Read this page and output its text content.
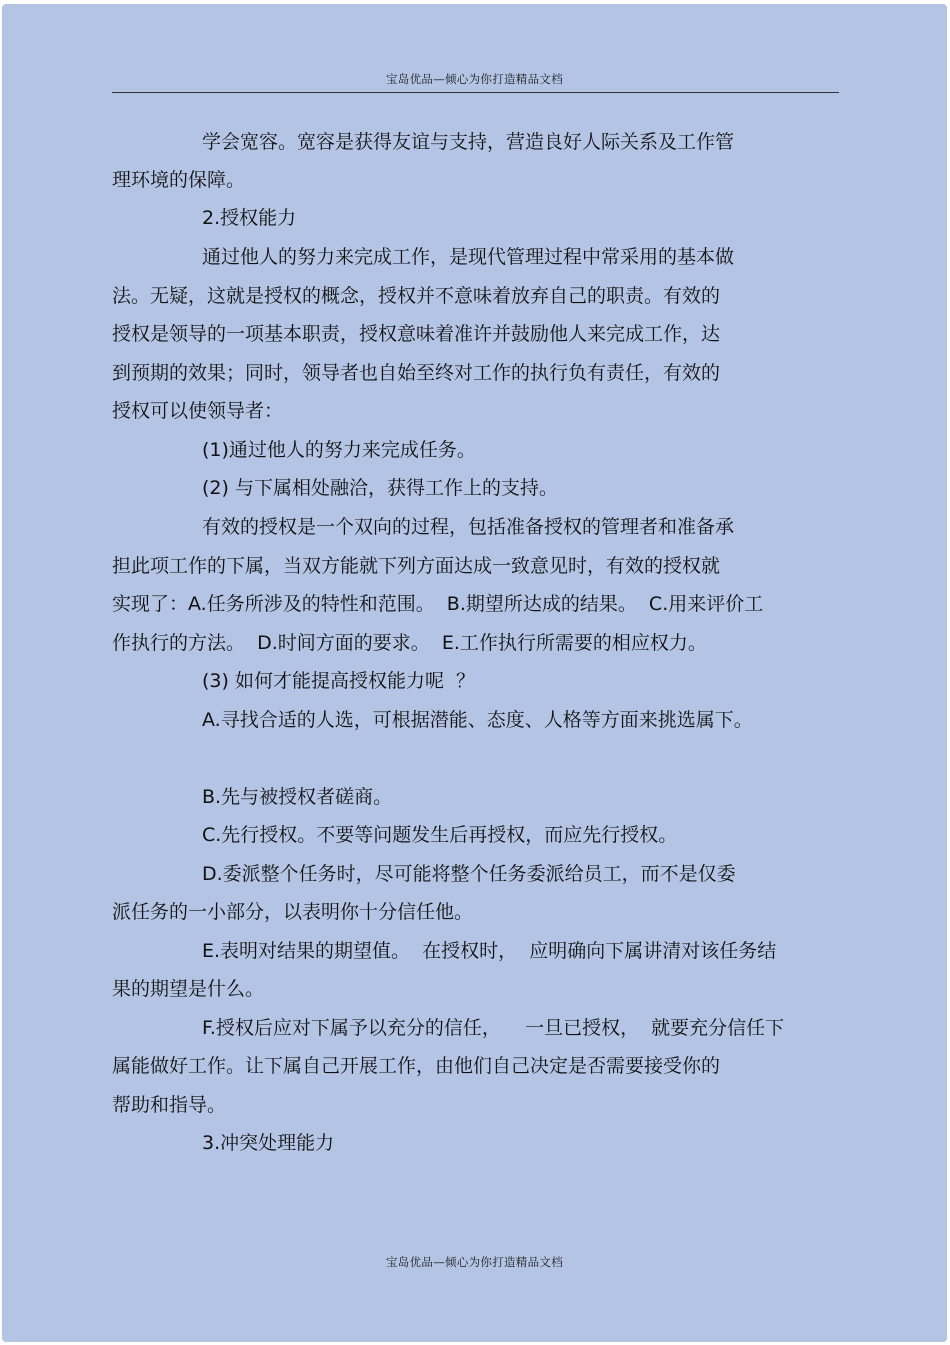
宝岛优品—倾心为你打造精品文档
学会宽容。宽容是获得友谊与支持，营造良好人际关系及工作管
理环境的保障。
2.授权能力
通过他人的努力来完成工作，是现代管理过程中常采用的基本做
法。无疑，这就是授权的概念，授权并不意味着放弃自己的职责。有效的
授权是领导的一项基本职责，授权意味着准许并鼓励他人来完成工作，达
到预期的效果；同时，领导者也自始至终对工作的执行负有责任，有效的
授权可以使领导者：
(1)通过他人的努力来完成任务。
(2) 与下属相处融洽，获得工作上的支持。
有效的授权是一个双向的过程，包括准备授权的管理者和准备承
担此项工作的下属，当双方能就下列方面达成一致意见时，有效的授权就
实现了：A.任务所涉及的特性和范围。  B.期望所达成的结果。  C.用来评价工
作执行的方法。  D.时间方面的要求。  E.工作执行所需要的相应权力。
(3) 如何才能提高授权能力呢  ？
A.寻找合适的人选，可根据潜能、态度、人格等方面来挑选属下。
B.先与被授权者磋商。
C.先行授权。不要等问题发生后再授权，而应先行授权。
D.委派整个任务时，尽可能将整个任务委派给员工，而不是仅委
派任务的一小部分，以表明你十分信任他。
E.表明对结果的期望值。  在授权时，  应明确向下属讲清对该任务结
果的期望是什么。
F.授权后应对下属予以充分的信任，    一旦已授权，  就要充分信任下
属能做好工作。让下属自己开展工作，由他们自己决定是否需要接受你的
帮助和指导。
3.冲突处理能力
宝岛优品—倾心为你打造精品文档
